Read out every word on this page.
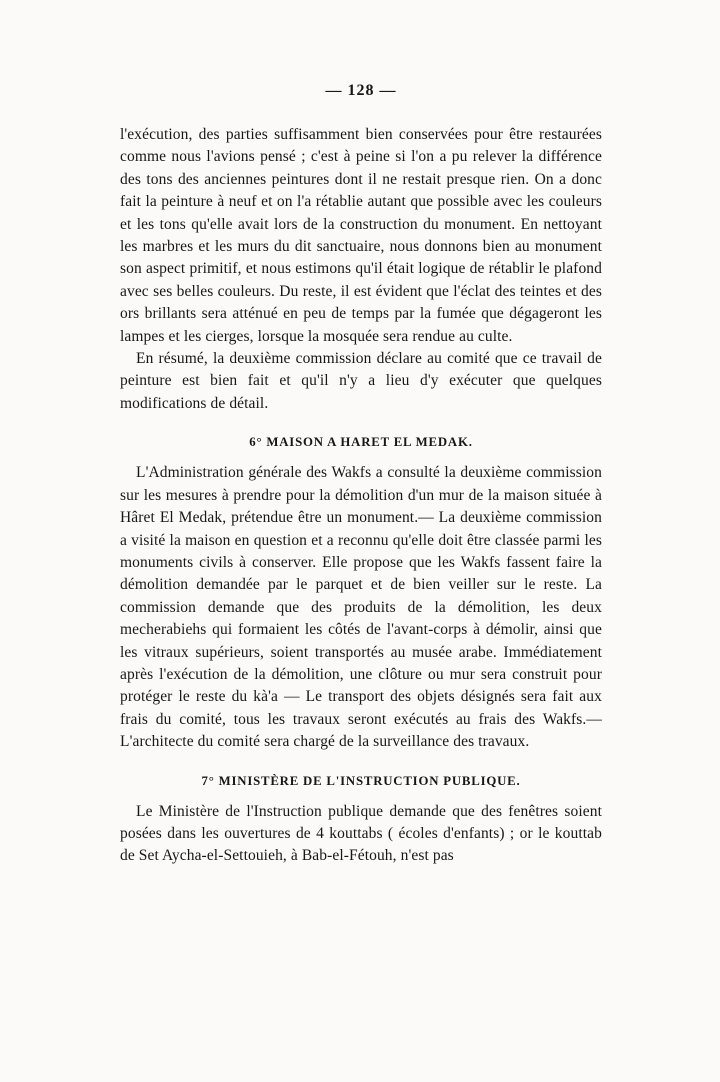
— 128 —

l'exécution, des parties suffisamment bien conservées pour être restaurées comme nous l'avions pensé ; c'est à peine si l'on a pu relever la différence des tons des anciennes peintures dont il ne restait presque rien. On a donc fait la peinture à neuf et on l'a rétablie autant que possible avec les couleurs et les tons qu'elle avait lors de la construction du monument. En nettoyant les marbres et les murs du dit sanctuaire, nous donnons bien au monument son aspect primitif, et nous estimons qu'il était logique de rétablir le plafond avec ses belles couleurs. Du reste, il est évident que l'éclat des teintes et des ors brillants sera atténué en peu de temps par la fumée que dégageront les lampes et les cierges, lorsque la mosquée sera rendue au culte.

En résumé, la deuxième commission déclare au comité que ce travail de peinture est bien fait et qu'il n'y a lieu d'y exécuter que quelques modifications de détail.

6° MAISON A HARET EL MEDAK.

L'Administration générale des Wakfs a consulté la deuxième commission sur les mesures à prendre pour la démolition d'un mur de la maison située à Hâret El Medak, prétendue être un monument.— La deuxième commission a visité la maison en question et a reconnu qu'elle doit être classée parmi les monuments civils à conserver. Elle propose que les Wakfs fassent faire la démolition demandée par le parquet et de bien veiller sur le reste. La commission demande que des produits de la démolition, les deux mecherabiehs qui formaient les côtés de l'avant-corps à démolir, ainsi que les vitraux supérieurs, soient transportés au musée arabe. Immédiatement après l'exécution de la démolition, une clôture ou mur sera construit pour protéger le reste du kà'a — Le transport des objets désignés sera fait aux frais du comité, tous les travaux seront exécutés au frais des Wakfs.—L'architecte du comité sera chargé de la surveillance des travaux.

7° MINISTÈRE DE L'INSTRUCTION PUBLIQUE.

Le Ministère de l'Instruction publique demande que des fenêtres soient posées dans les ouvertures de 4 kouttabs ( écoles d'enfants) ; or le kouttab de Set Aycha-el-Settouieh, à Bab-el-Fétouh, n'est pas
